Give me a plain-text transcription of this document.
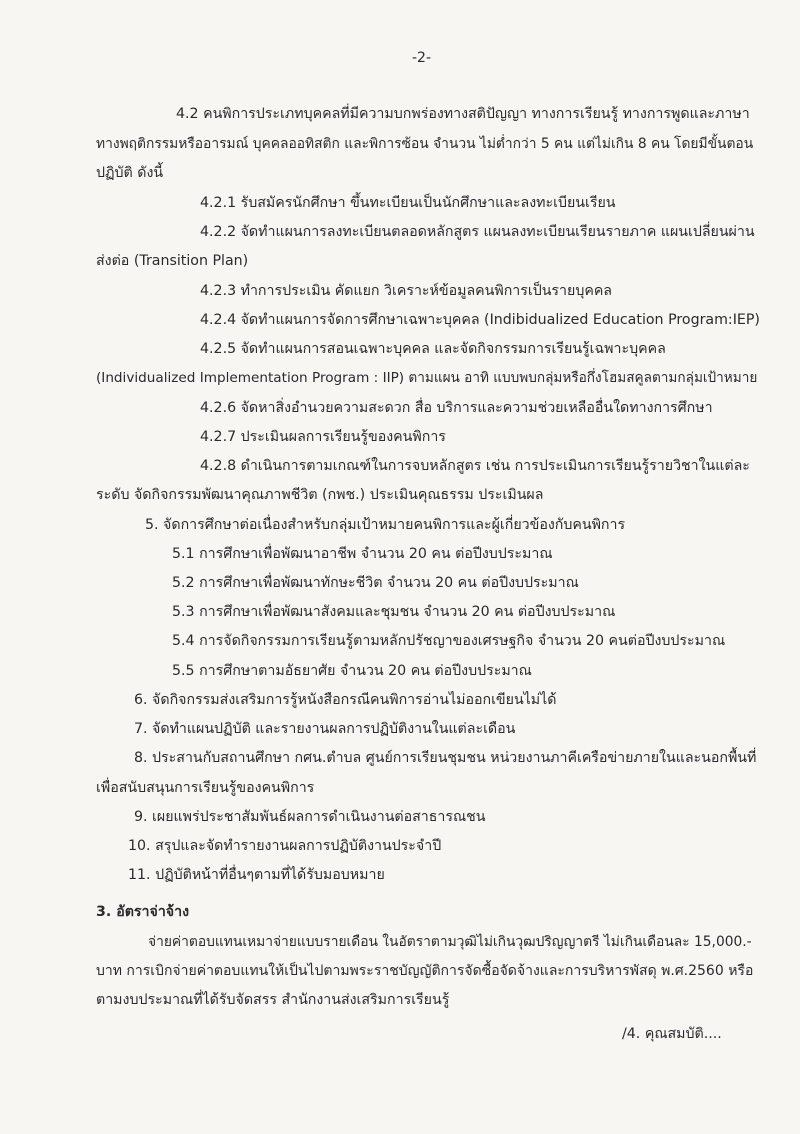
-2-

4.2 คนพิการประเภทบุคคลที่มีความบกพร่องทางสติปัญญา ทางการเรียนรู้ ทางการพูดและภาษา

ทางพฤติกรรมหรืออารมณ์ บุคคลออทิสติก และพิการซ้อน จำนวน ไม่ต่ำกว่า 5 คน แต่ไม่เกิน 8 คน โดยมีขั้นตอน

ปฏิบัติ ดังนี้

4.2.1 รับสมัครนักศึกษา ขึ้นทะเบียนเป็นนักศึกษาและลงทะเบียนเรียน

4.2.2 จัดทำแผนการลงทะเบียนตลอดหลักสูตร แผนลงทะเบียนเรียนรายภาค แผนเปลี่ยนผ่าน

ส่งต่อ (Transition Plan)

4.2.3 ทำการประเมิน คัดแยก วิเคราะห์ข้อมูลคนพิการเป็นรายบุคคล

4.2.4 จัดทำแผนการจัดการศึกษาเฉพาะบุคคล (Indibidualized Education Program:IEP)

4.2.5 จัดทำแผนการสอนเฉพาะบุคคล และจัดกิจกรรมการเรียนรู้เฉพาะบุคคล

(Individualized Implementation Program : IIP) ตามแผน อาทิ แบบพบกลุ่มหรือกึ่งโฮมสคูลตามกลุ่มเป้าหมาย

4.2.6 จัดหาสิ่งอำนวยความสะดวก สื่อ บริการและความช่วยเหลืออื่นใดทางการศึกษา

4.2.7 ประเมินผลการเรียนรู้ของคนพิการ

4.2.8 ดำเนินการตามเกณฑ์ในการจบหลักสูตร เช่น การประเมินการเรียนรู้รายวิชาในแต่ละ

ระดับ จัดกิจกรรมพัฒนาคุณภาพชีวิต (กพช.) ประเมินคุณธรรม ประเมินผล

5. จัดการศึกษาต่อเนื่องสำหรับกลุ่มเป้าหมายคนพิการและผู้เกี่ยวข้องกับคนพิการ

5.1 การศึกษาเพื่อพัฒนาอาชีพ จำนวน 20 คน ต่อปีงบประมาณ

5.2 การศึกษาเพื่อพัฒนาทักษะชีวิต จำนวน 20 คน ต่อปีงบประมาณ

5.3 การศึกษาเพื่อพัฒนาสังคมและชุมชน จำนวน 20 คน ต่อปีงบประมาณ

5.4 การจัดกิจกรรมการเรียนรู้ตามหลักปรัชญาของเศรษฐกิจ จำนวน 20 คนต่อปีงบประมาณ

5.5 การศึกษาตามอัธยาศัย จำนวน 20 คน ต่อปีงบประมาณ

6. จัดกิจกรรมส่งเสริมการรู้หนังสือกรณีคนพิการอ่านไม่ออกเขียนไม่ได้

7. จัดทำแผนปฏิบัติ และรายงานผลการปฏิบัติงานในแต่ละเดือน

8. ประสานกับสถานศึกษา กศน.ตำบล ศูนย์การเรียนชุมชน หน่วยงานภาคีเครือข่ายภายในและนอกพื้นที่

เพื่อสนับสนุนการเรียนรู้ของคนพิการ

9. เผยแพร่ประชาสัมพันธ์ผลการดำเนินงานต่อสาธารณชน

10. สรุปและจัดทำรายงานผลการปฏิบัติงานประจำปี

11. ปฏิบัติหน้าที่อื่นๆตามที่ได้รับมอบหมาย

3. อัตราจ่าจ้าง

จ่ายค่าตอบแทนเหมาจ่ายแบบรายเดือน ในอัตราตามวุฒิไม่เกินวุฒปริญญาตรี ไม่เกินเดือนละ 15,000.-

บาท การเบิกจ่ายค่าตอบแทนให้เป็นไปตามพระราชบัญญัติการจัดซื้อจัดจ้างและการบริหารพัสดุ พ.ศ.2560 หรือ

ตามงบประมาณที่ได้รับจัดสรร สำนักงานส่งเสริมการเรียนรู้

/4. คุณสมบัติ....
